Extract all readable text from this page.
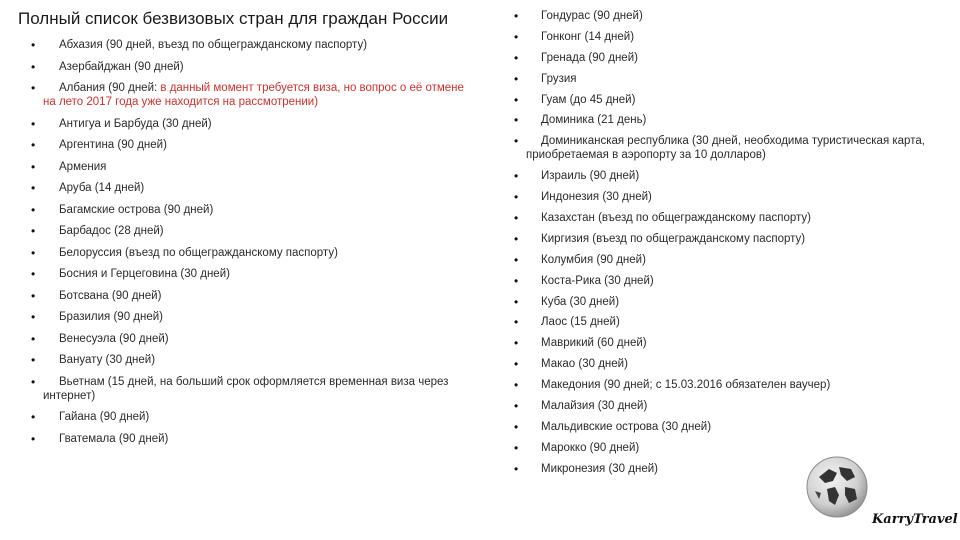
Полный список безвизовых стран для граждан России
• Абхазия (90 дней, въезд по общегражданскому паспорту)
• Азербайджан (90 дней)
• Албания (90 дней: в данный момент требуется виза, но вопрос о её отмене
на лето 2017 года уже находится на рассмотрении)
• Антигуа и Барбуда (30 дней)
• Аргентина (90 дней)
• Армения
• Аруба (14 дней)
• Багамские острова (90 дней)
• Барбадос (28 дней)
• Белоруссия (въезд по общегражданскому паспорту)
• Босния и Герцеговина (30 дней)
• Ботсвана (90 дней)
• Бразилия (90 дней)
• Венесуэла (90 дней)
• Вануату (30 дней)
• Вьетнам (15 дней, на больший срок оформляется временная виза через
интернет)
• Гайана (90 дней)
• Гватемала (90 дней)
• Гондурас (90 дней)
• Гонконг (14 дней)
• Гренада (90 дней)
• Грузия
• Гуам (до 45 дней)
• Доминика (21 день)
• Доминиканская республика (30 дней, необходима туристическая карта,
приобретаемая в аэропорту за 10 долларов)
• Израиль (90 дней)
• Индонезия (30 дней)
• Казахстан (въезд по общегражданскому паспорту)
• Киргизия (въезд по общегражданскому паспорту)
• Колумбия (90 дней)
• Коста-Рика (30 дней)
• Куба (30 дней)
• Лаос (15 дней)
• Маврикий (60 дней)
• Макао (30 дней)
• Македония (90 дней; с 15.03.2016 обязателен ваучер)
• Малайзия (30 дней)
• Мальдивские острова (30 дней)
• Марокко (90 дней)
• Микронезия (30 дней)
KarryTravel
